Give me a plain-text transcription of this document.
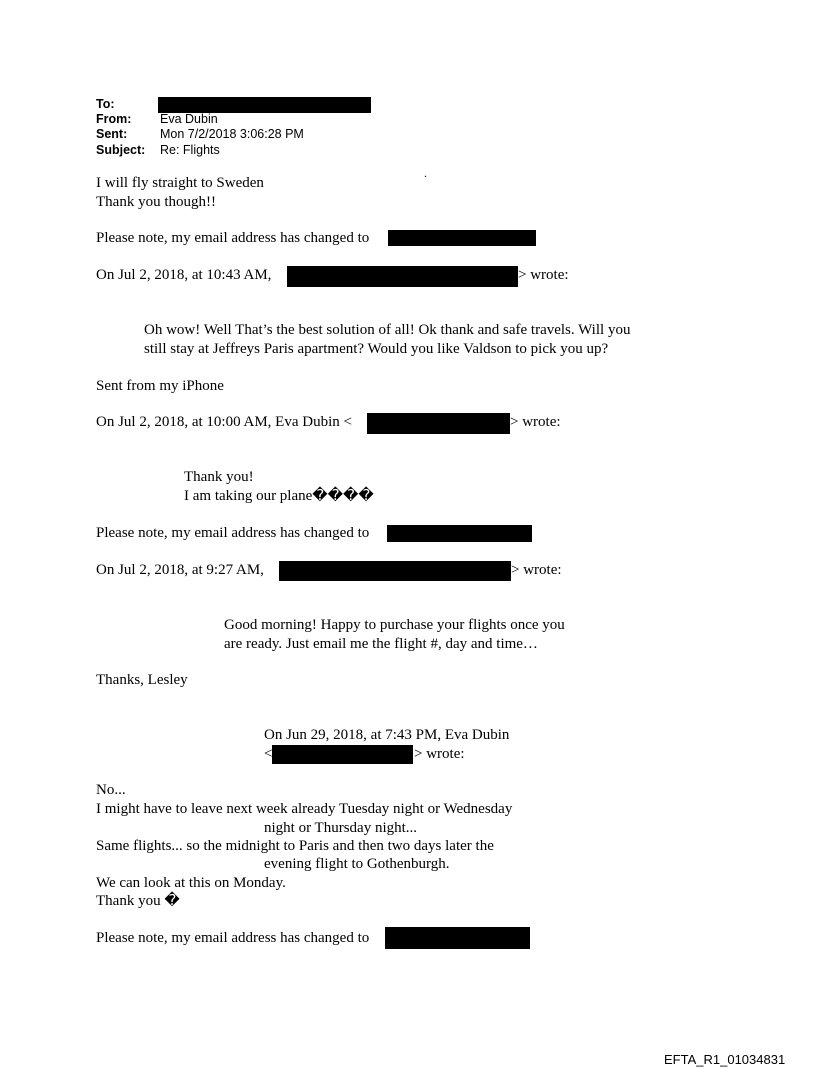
To:
From: Eva Dubin
Sent:	Mon 7/2/2018 3:06:28 PM
Subject: Re: Flights
.
I will fly straight to Sweden
Thank you though!!
Please note, my email address has changed to
On Jul 2, 2018, at 10:43 AM,	> wrote:
Oh wow! Well That’s the best solution of all! Ok thank and safe travels. Will you
still stay at Jeffreys Paris apartment? Would you like Valdson to pick you up?
Sent from my iPhone
On Jul 2, 2018, at 10:00 AM, Eva Dubin <	> wrote:
Thank you!
I am taking our plane����
Please note, my email address has changed to
On Jul 2, 2018, at 9:27 AM,	> wrote:
Good morning! Happy to purchase your flights once you
are ready. Just email me the flight #, day and time…
Thanks, Lesley
On Jun 29, 2018, at 7:43 PM, Eva Dubin
<	> wrote:
No...
I might have to leave next week already Tuesday night or Wednesday
night or Thursday night...
Same flights... so the midnight to Paris and then two days later the
evening flight to Gothenburgh.
We can look at this on Monday.
Thank you �
Please note, my email address has changed to
EFTA_R1_01034831
